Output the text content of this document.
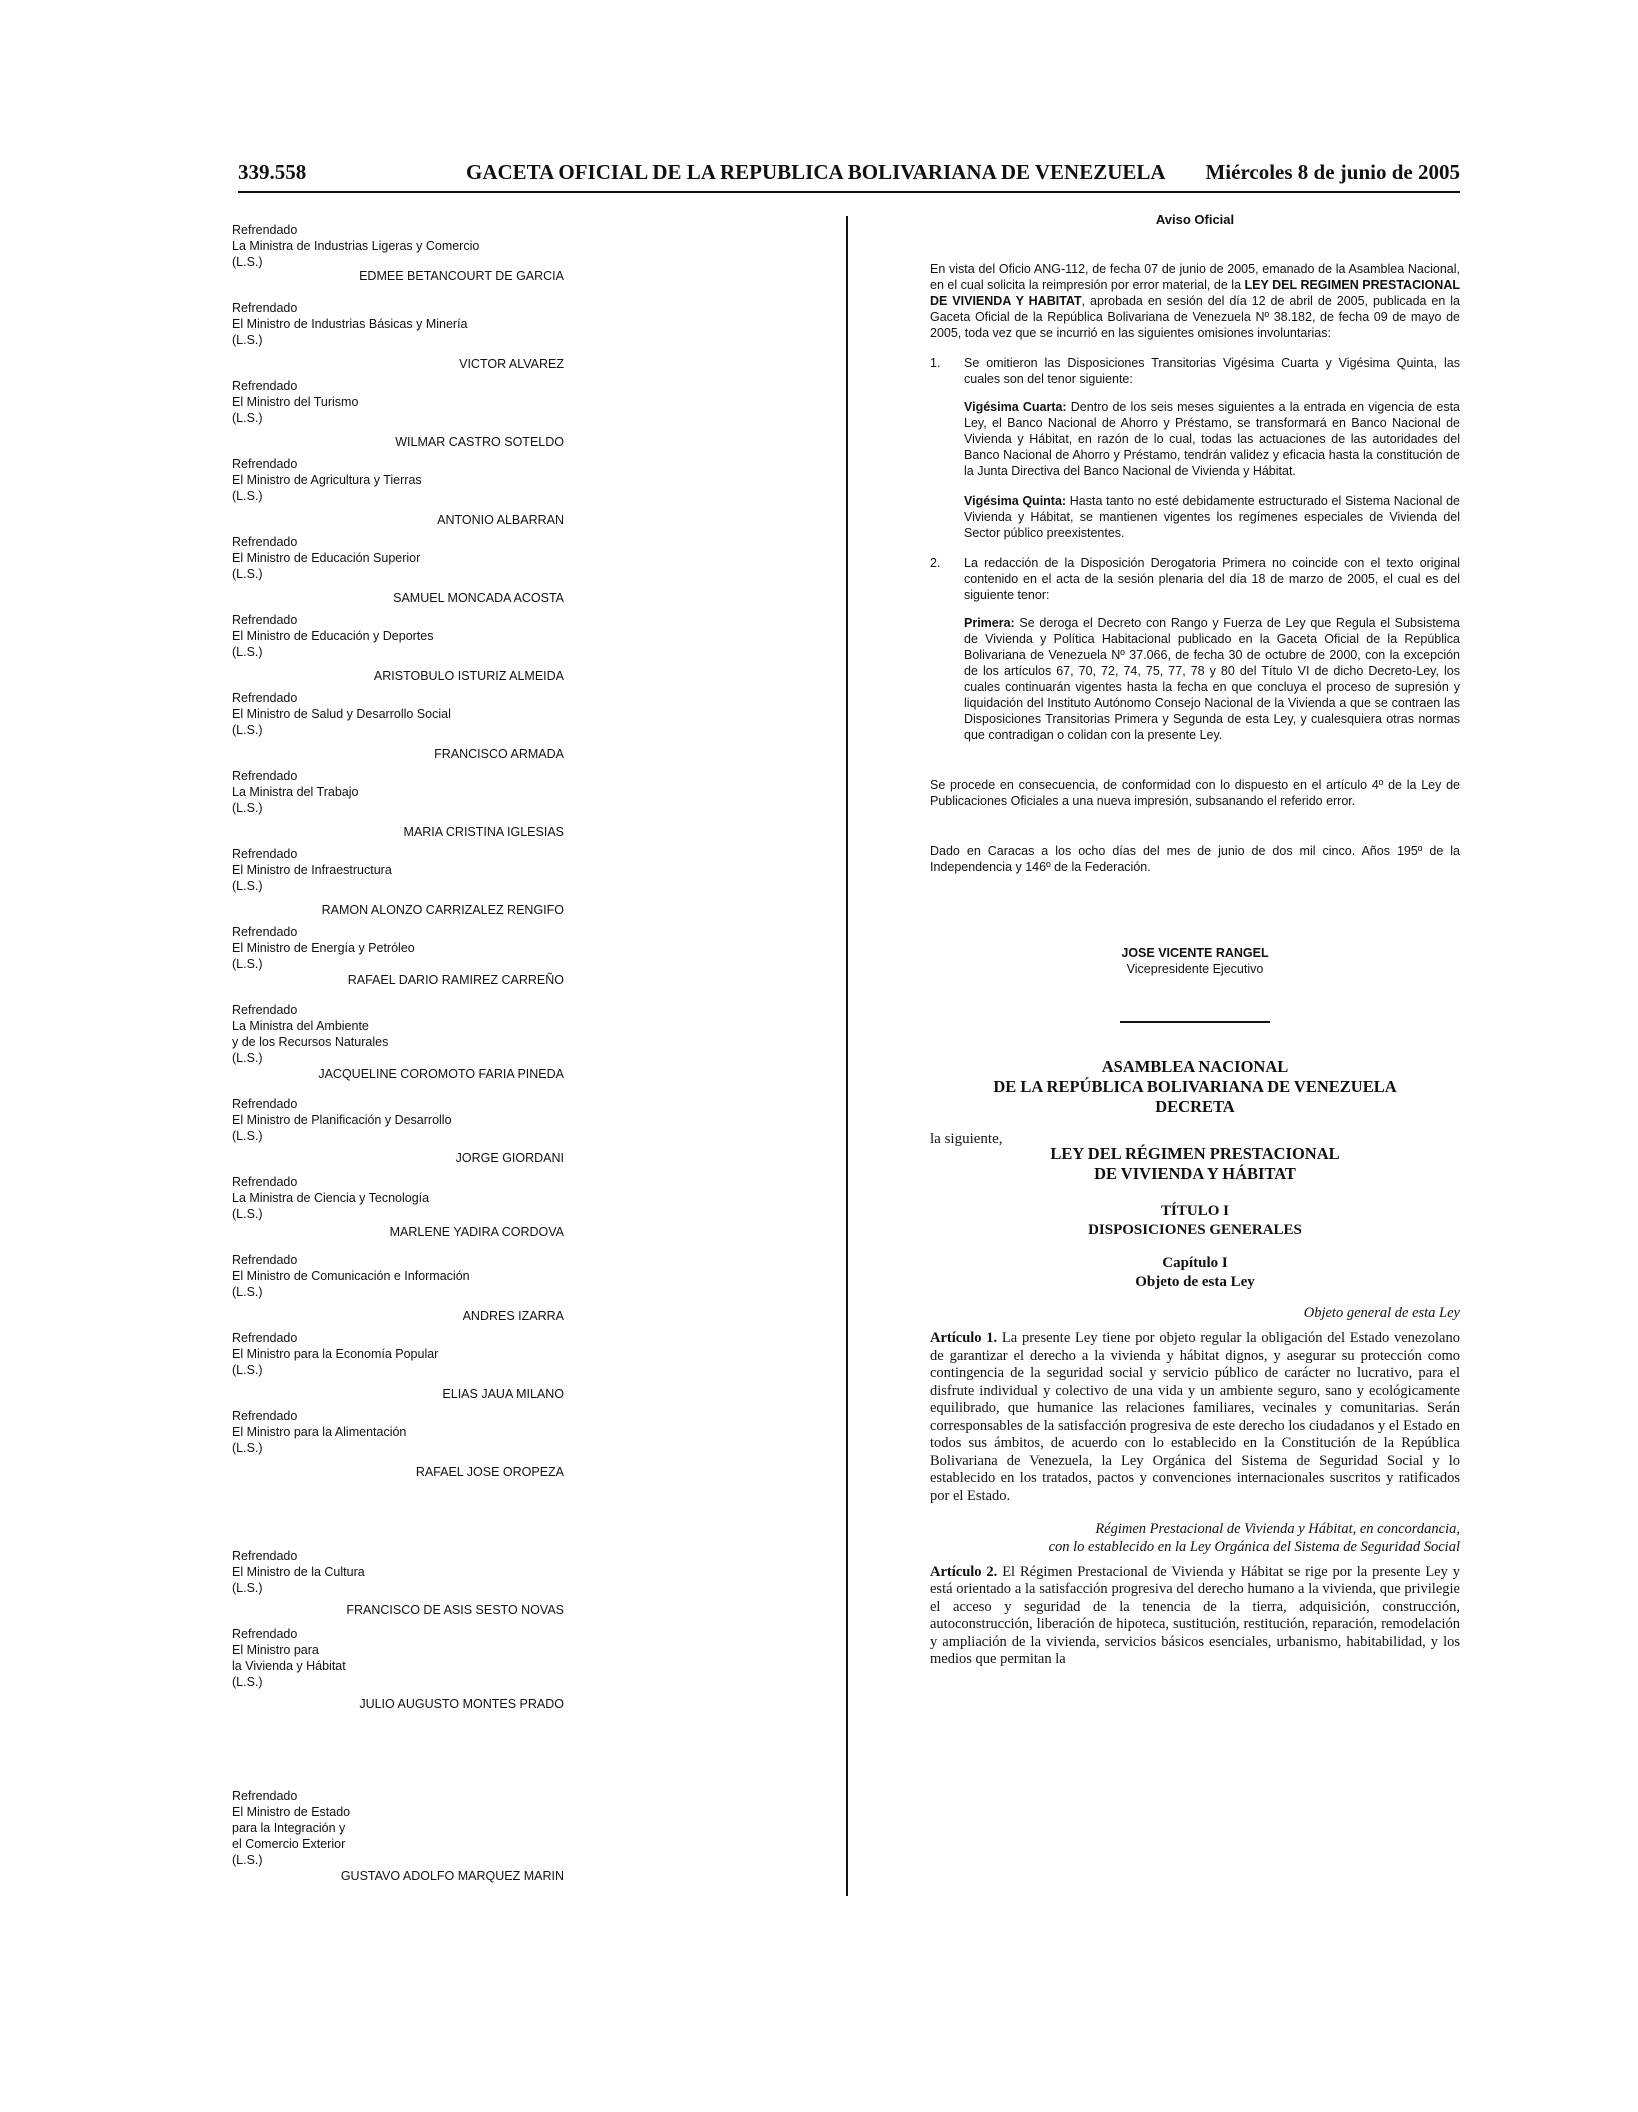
339.558	GACETA OFICIAL DE LA REPUBLICA BOLIVARIANA DE VENEZUELA Miércoles 8 de junio de 2005
Refrendado
La Ministra de Industrias Ligeras y Comercio
(L.S.)
EDMEE BETANCOURT DE GARCIA
Refrendado
El Ministro de Industrias Básicas y Minería
(L.S.)
VICTOR ALVAREZ
Refrendado
El Ministro del Turismo
(L.S.)
WILMAR CASTRO SOTELDO
Refrendado
El Ministro de Agricultura y Tierras
(L.S.)
ANTONIO ALBARRAN
Refrendado
El Ministro de Educación Superior
(L.S.)
SAMUEL MONCADA ACOSTA
Refrendado
El Ministro de Educación y Deportes
(L.S.)
ARISTOBULO ISTURIZ ALMEIDA
Refrendado
El Ministro de Salud y Desarrollo Social
(L.S.)
FRANCISCO ARMADA
Refrendado
La Ministra del Trabajo
(L.S.)
MARIA CRISTINA IGLESIAS
Refrendado
El Ministro de Infraestructura
(L.S.)
RAMON ALONZO CARRIZALEZ RENGIFO
Refrendado
El Ministro de Energía y Petróleo
(L.S.)
RAFAEL DARIO RAMIREZ CARREÑO
Refrendado
La Ministra del Ambiente
y de los Recursos Naturales
(L.S.)
JACQUELINE COROMOTO FARIA PINEDA
Refrendado
El Ministro de Planificación y Desarrollo
(L.S.)
JORGE GIORDANI
Refrendado
La Ministra de Ciencia y Tecnología
(L.S.)
MARLENE YADIRA CORDOVA
Refrendado
El Ministro de Comunicación e Información
(L.S.)
ANDRES IZARRA
Refrendado
El Ministro para la Economía Popular
(L.S.)
ELIAS JAUA MILANO
Refrendado
El Ministro para la Alimentación
(L.S.)
RAFAEL JOSE OROPEZA
Refrendado
El Ministro de la Cultura
(L.S.)
FRANCISCO DE ASIS SESTO NOVAS
Refrendado
El Ministro para
la Vivienda y Hábitat
(L.S.)
JULIO AUGUSTO MONTES PRADO
Refrendado
El Ministro de Estado
para la Integración y
el Comercio Exterior
(L.S.)
GUSTAVO ADOLFO MARQUEZ MARIN
Aviso Oficial

En vista del Oficio ANG-112, de fecha 07 de junio de 2005, emanado de la Asamblea Nacional, en el cual solicita la reimpresión por error material, de la LEY DEL REGIMEN PRESTACIONAL DE VIVIENDA Y HABITAT, aprobada en sesión del día 12 de abril de 2005, publicada en la Gaceta Oficial de la República Bolivariana de Venezuela Nº 38.182, de fecha 09 de mayo de 2005, toda vez que se incurrió en las siguientes omisiones involuntarias:

1.	Se omitieron las Disposiciones Transitorias Vigésima Cuarta y Vigésima Quinta, las cuales son del tenor siguiente:

Vigésima Cuarta: Dentro de los seis meses siguientes a la entrada en vigencia de esta Ley, el Banco Nacional de Ahorro y Préstamo, se transformará en Banco Nacional de Vivienda y Hábitat, en razón de lo cual, todas las actuaciones de las autoridades del Banco Nacional de Ahorro y Préstamo, tendrán validez y eficacia hasta la constitución de la Junta Directiva del Banco Nacional de Vivienda y Hábitat.

Vigésima Quinta: Hasta tanto no esté debidamente estructurado el Sistema Nacional de Vivienda y Hábitat, se mantienen vigentes los regímenes especiales de Vivienda del Sector público preexistentes.

2.	La redacción de la Disposición Derogatoria Primera no coincide con el texto original contenido en el acta de la sesión plenaria del día 18 de marzo de 2005, el cual es del siguiente tenor:

Primera: Se deroga el Decreto con Rango y Fuerza de Ley que Regula el Subsistema de Vivienda y Política Habitacional publicado en la Gaceta Oficial de la República Bolivariana de Venezuela Nº 37.066, de fecha 30 de octubre de 2000, con la excepción de los artículos 67, 70, 72, 74, 75, 77, 78 y 80 del Título VI de dicho Decreto-Ley, los cuales continuarán vigentes hasta la fecha en que concluya el proceso de supresión y liquidación del Instituto Autónomo Consejo Nacional de la Vivienda a que se contraen las Disposiciones Transitorias Primera y Segunda de esta Ley, y cualesquiera otras normas que contradigan o colidan con la presente Ley.

Se procede en consecuencia, de conformidad con lo dispuesto en el artículo 4º de la Ley de Publicaciones Oficiales a una nueva impresión, subsanando el referido error.

Dado en Caracas a los ocho días del mes de junio de dos mil cinco. Años 195º de la Independencia y 146º de la Federación.

JOSE VICENTE RANGEL
Vicepresidente Ejecutivo
ASAMBLEA NACIONAL
DE LA REPÚBLICA BOLIVARIANA DE VENEZUELA
DECRETA
la siguiente,
LEY DEL RÉGIMEN PRESTACIONAL
DE VIVIENDA Y HÁBITAT
TÍTULO I
DISPOSICIONES GENERALES
Capítulo I
Objeto de esta Ley
Objeto general de esta Ley

Artículo 1. La presente Ley tiene por objeto regular la obligación del Estado venezolano de garantizar el derecho a la vivienda y hábitat dignos, y asegurar su protección como contingencia de la seguridad social y servicio público de carácter no lucrativo, para el disfrute individual y colectivo de una vida y un ambiente seguro, sano y ecológicamente equilibrado, que humanice las relaciones familiares, vecinales y comunitarias. Serán corresponsables de la satisfacción progresiva de este derecho los ciudadanos y el Estado en todos sus ámbitos, de acuerdo con lo establecido en la Constitución de la República Bolivariana de Venezuela, la Ley Orgánica del Sistema de Seguridad Social y lo establecido en los tratados, pactos y convenciones internacionales suscritos y ratificados por el Estado.

Régimen Prestacional de Vivienda y Hábitat, en concordancia,
con lo establecido en la Ley Orgánica del Sistema de Seguridad Social

Artículo 2. El Régimen Prestacional de Vivienda y Hábitat se rige por la presente Ley y está orientado a la satisfacción progresiva del derecho humano a la vivienda, que privilegie el acceso y seguridad de la tenencia de la tierra, adquisición, construcción, autoconstrucción, liberación de hipoteca, sustitución, restitución, reparación, remodelación y ampliación de la vivienda, servicios básicos esenciales, urbanismo, habitabilidad, y los medios que permitan la
